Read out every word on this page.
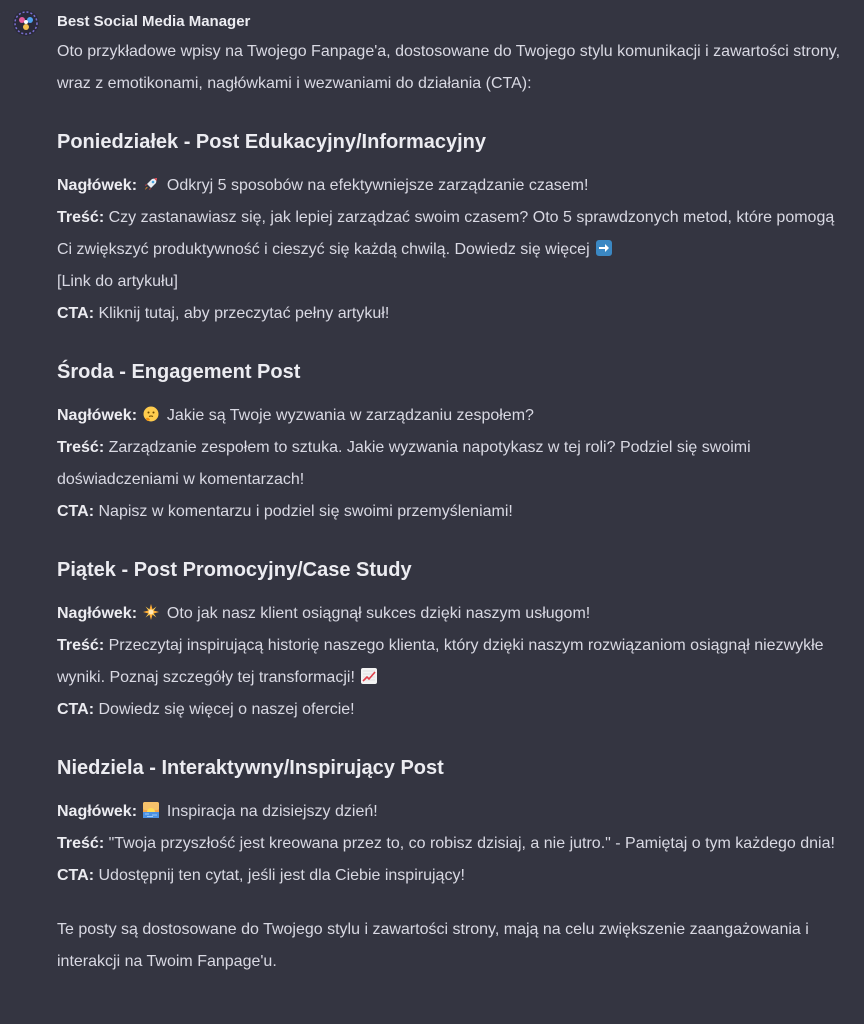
Best Social Media Manager

Oto przykładowe wpisy na Twojego Fanpage'a, dostosowane do Twojego stylu komunikacji i zawartości strony, wraz z emotikonami, nagłówkami i wezwaniami do działania (CTA):

Poniedziałek - Post Edukacyjny/Informacyjny

Nagłówek: Odkryj 5 sposobów na efektywniejsze zarządzanie czasem!

Treść: Czy zastanawiasz się, jak lepiej zarządzać swoim czasem? Oto 5 sprawdzonych metod, które pomogą Ci zwiększyć produktywność i cieszyć się każdą chwilą. Dowiedz się więcej
[Link do artykułu]

CTA: Kliknij tutaj, aby przeczytać pełny artykuł!

Środa - Engagement Post

Nagłówek: Jakie są Twoje wyzwania w zarządzaniu zespołem?

Treść: Zarządzanie zespołem to sztuka. Jakie wyzwania napotykasz w tej roli? Podziel się swoimi doświadczeniami w komentarzach!

CTA: Napisz w komentarzu i podziel się swoimi przemyśleniami!

Piątek - Post Promocyjny/Case Study

Nagłówek: Oto jak nasz klient osiągnął sukces dzięki naszym usługom!

Treść: Przeczytaj inspirującą historię naszego klienta, który dzięki naszym rozwiązaniom osiągnął niezwykłe wyniki. Poznaj szczegóły tej transformacji!

CTA: Dowiedz się więcej o naszej ofercie!

Niedziela - Interaktywny/Inspirujący Post

Nagłówek: Inspiracja na dzisiejszy dzień!

Treść: "Twoja przyszłość jest kreowana przez to, co robisz dzisiaj, a nie jutro." - Pamiętaj o tym każdego dnia!

CTA: Udostępnij ten cytat, jeśli jest dla Ciebie inspirujący!

Te posty są dostosowane do Twojego stylu i zawartości strony, mają na celu zwiększenie zaangażowania i interakcji na Twoim Fanpage'u.
